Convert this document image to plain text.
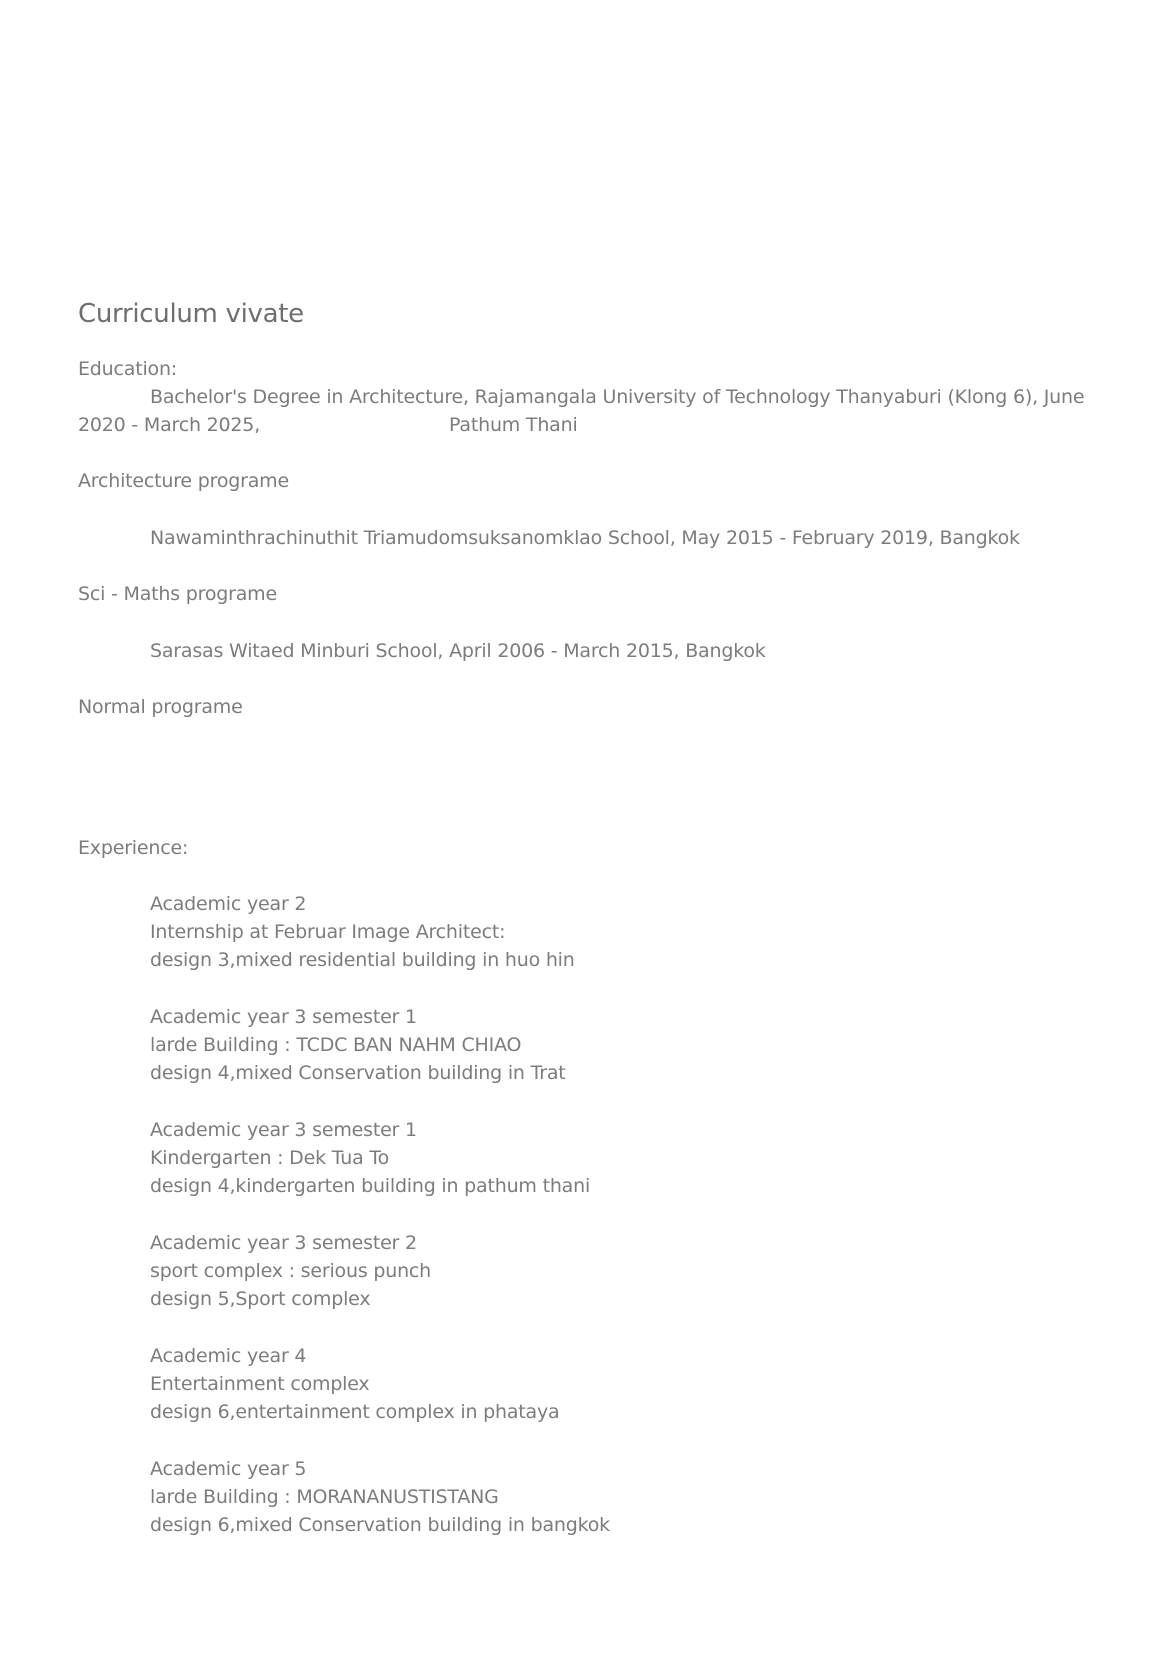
Curriculum vivate
Education:
Bachelor's Degree in Architecture, Rajamangala University of Technology Thanyaburi (Klong 6), June
2020 - March 2025,	Pathum Thani
Architecture programe
Nawaminthrachinuthit Triamudomsuksanomklao School, May 2015 - February 2019, Bangkok
Sci - Maths programe
Sarasas Witaed Minburi School, April 2006 - March 2015, Bangkok
Normal programe
Experience:
Academic year 2
Internship at Februar Image Architect:
design 3,mixed residential building in huo hin
Academic year 3 semester 1
larde Building : TCDC BAN NAHM CHIAO
design 4,mixed Conservation building in Trat
Academic year 3 semester 1
Kindergarten : Dek Tua To
design 4,kindergarten building in pathum thani
Academic year 3 semester 2
sport complex : serious punch
design 5,Sport complex
Academic year 4
Entertainment complex
design 6,entertainment complex in phataya
Academic year 5
larde Building : MORANANUSTISTANG
design 6,mixed Conservation building in bangkok
